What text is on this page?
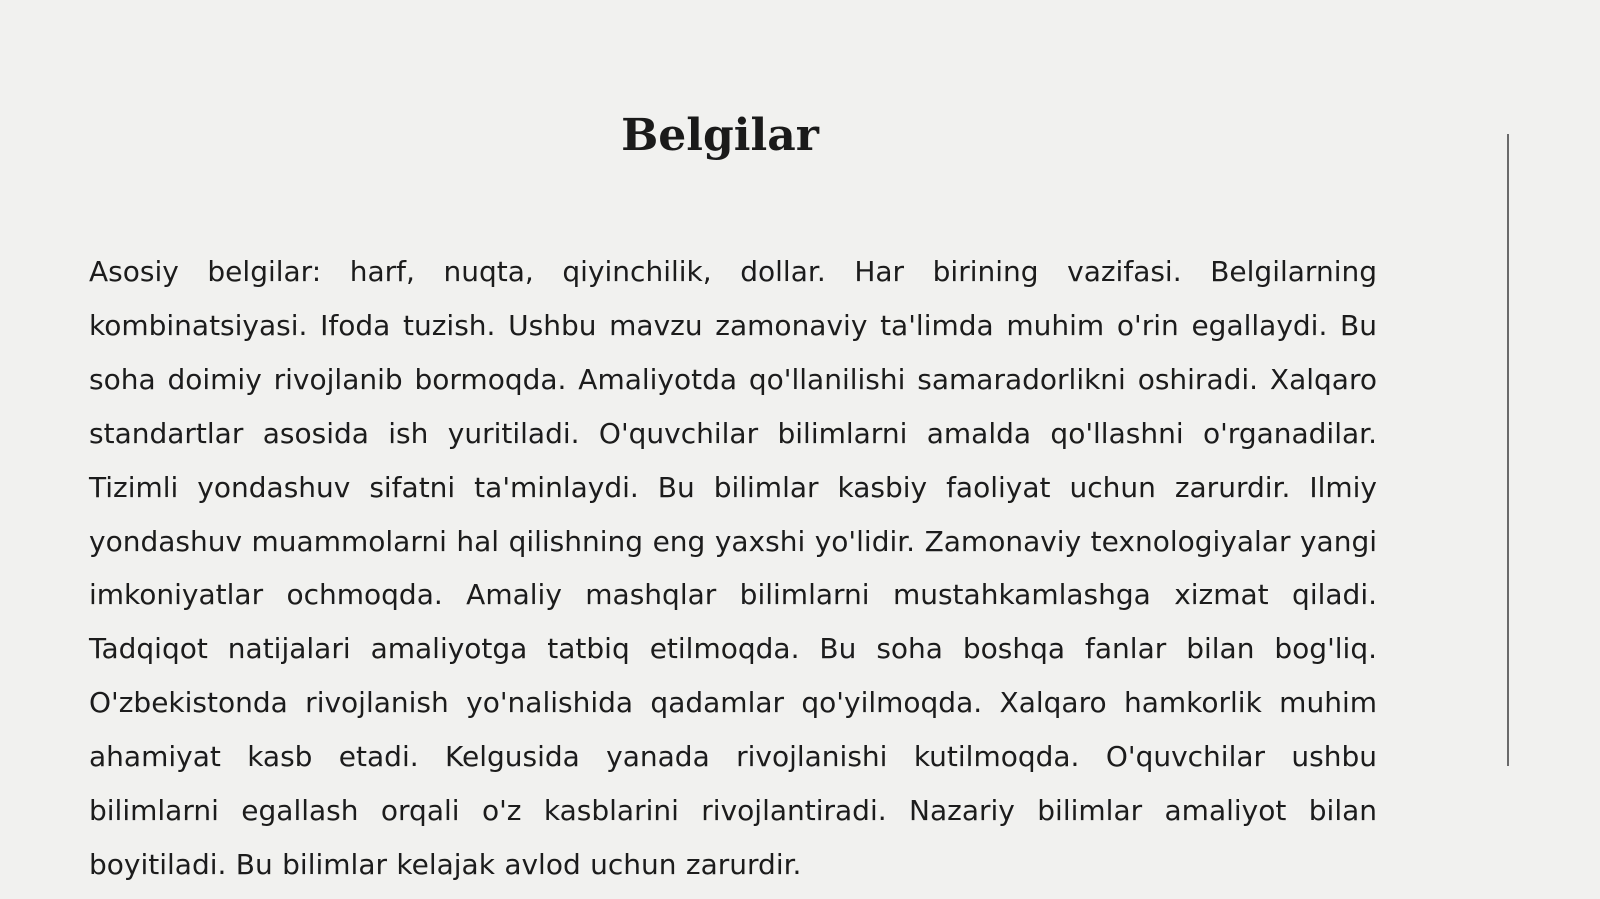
Belgilar

Asosiy belgilar: harf, nuqta, qiyinchilik, dollar. Har birining vazifasi. Belgilarning kombinatsiyasi. Ifoda tuzish. Ushbu mavzu zamonaviy ta'limda muhim o'rin egallaydi. Bu soha doimiy rivojlanib bormoqda. Amaliyotda qo'llanilishi samaradorlikni oshiradi. Xalqaro standartlar asosida ish yuritiladi. O'quvchilar bilimlarni amalda qo'llashni o'rganadilar. Tizimli yondashuv sifatni ta'minlaydi. Bu bilimlar kasbiy faoliyat uchun zarurdir. Ilmiy yondashuv muammolarni hal qilishning eng yaxshi yo'lidir. Zamonaviy texnologiyalar yangi imkoniyatlar ochmoqda. Amaliy mashqlar bilimlarni mustahkamlashga xizmat qiladi. Tadqiqot natijalari amaliyotga tatbiq etilmoqda. Bu soha boshqa fanlar bilan bog'liq. O'zbekistonda rivojlanish yo'nalishida qadamlar qo'yilmoqda. Xalqaro hamkorlik muhim ahamiyat kasb etadi. Kelgusida yanada rivojlanishi kutilmoqda. O'quvchilar ushbu bilimlarni egallash orqali o'z kasblarini rivojlantiradi. Nazariy bilimlar amaliyot bilan boyitiladi. Bu bilimlar kelajak avlod uchun zarurdir.
